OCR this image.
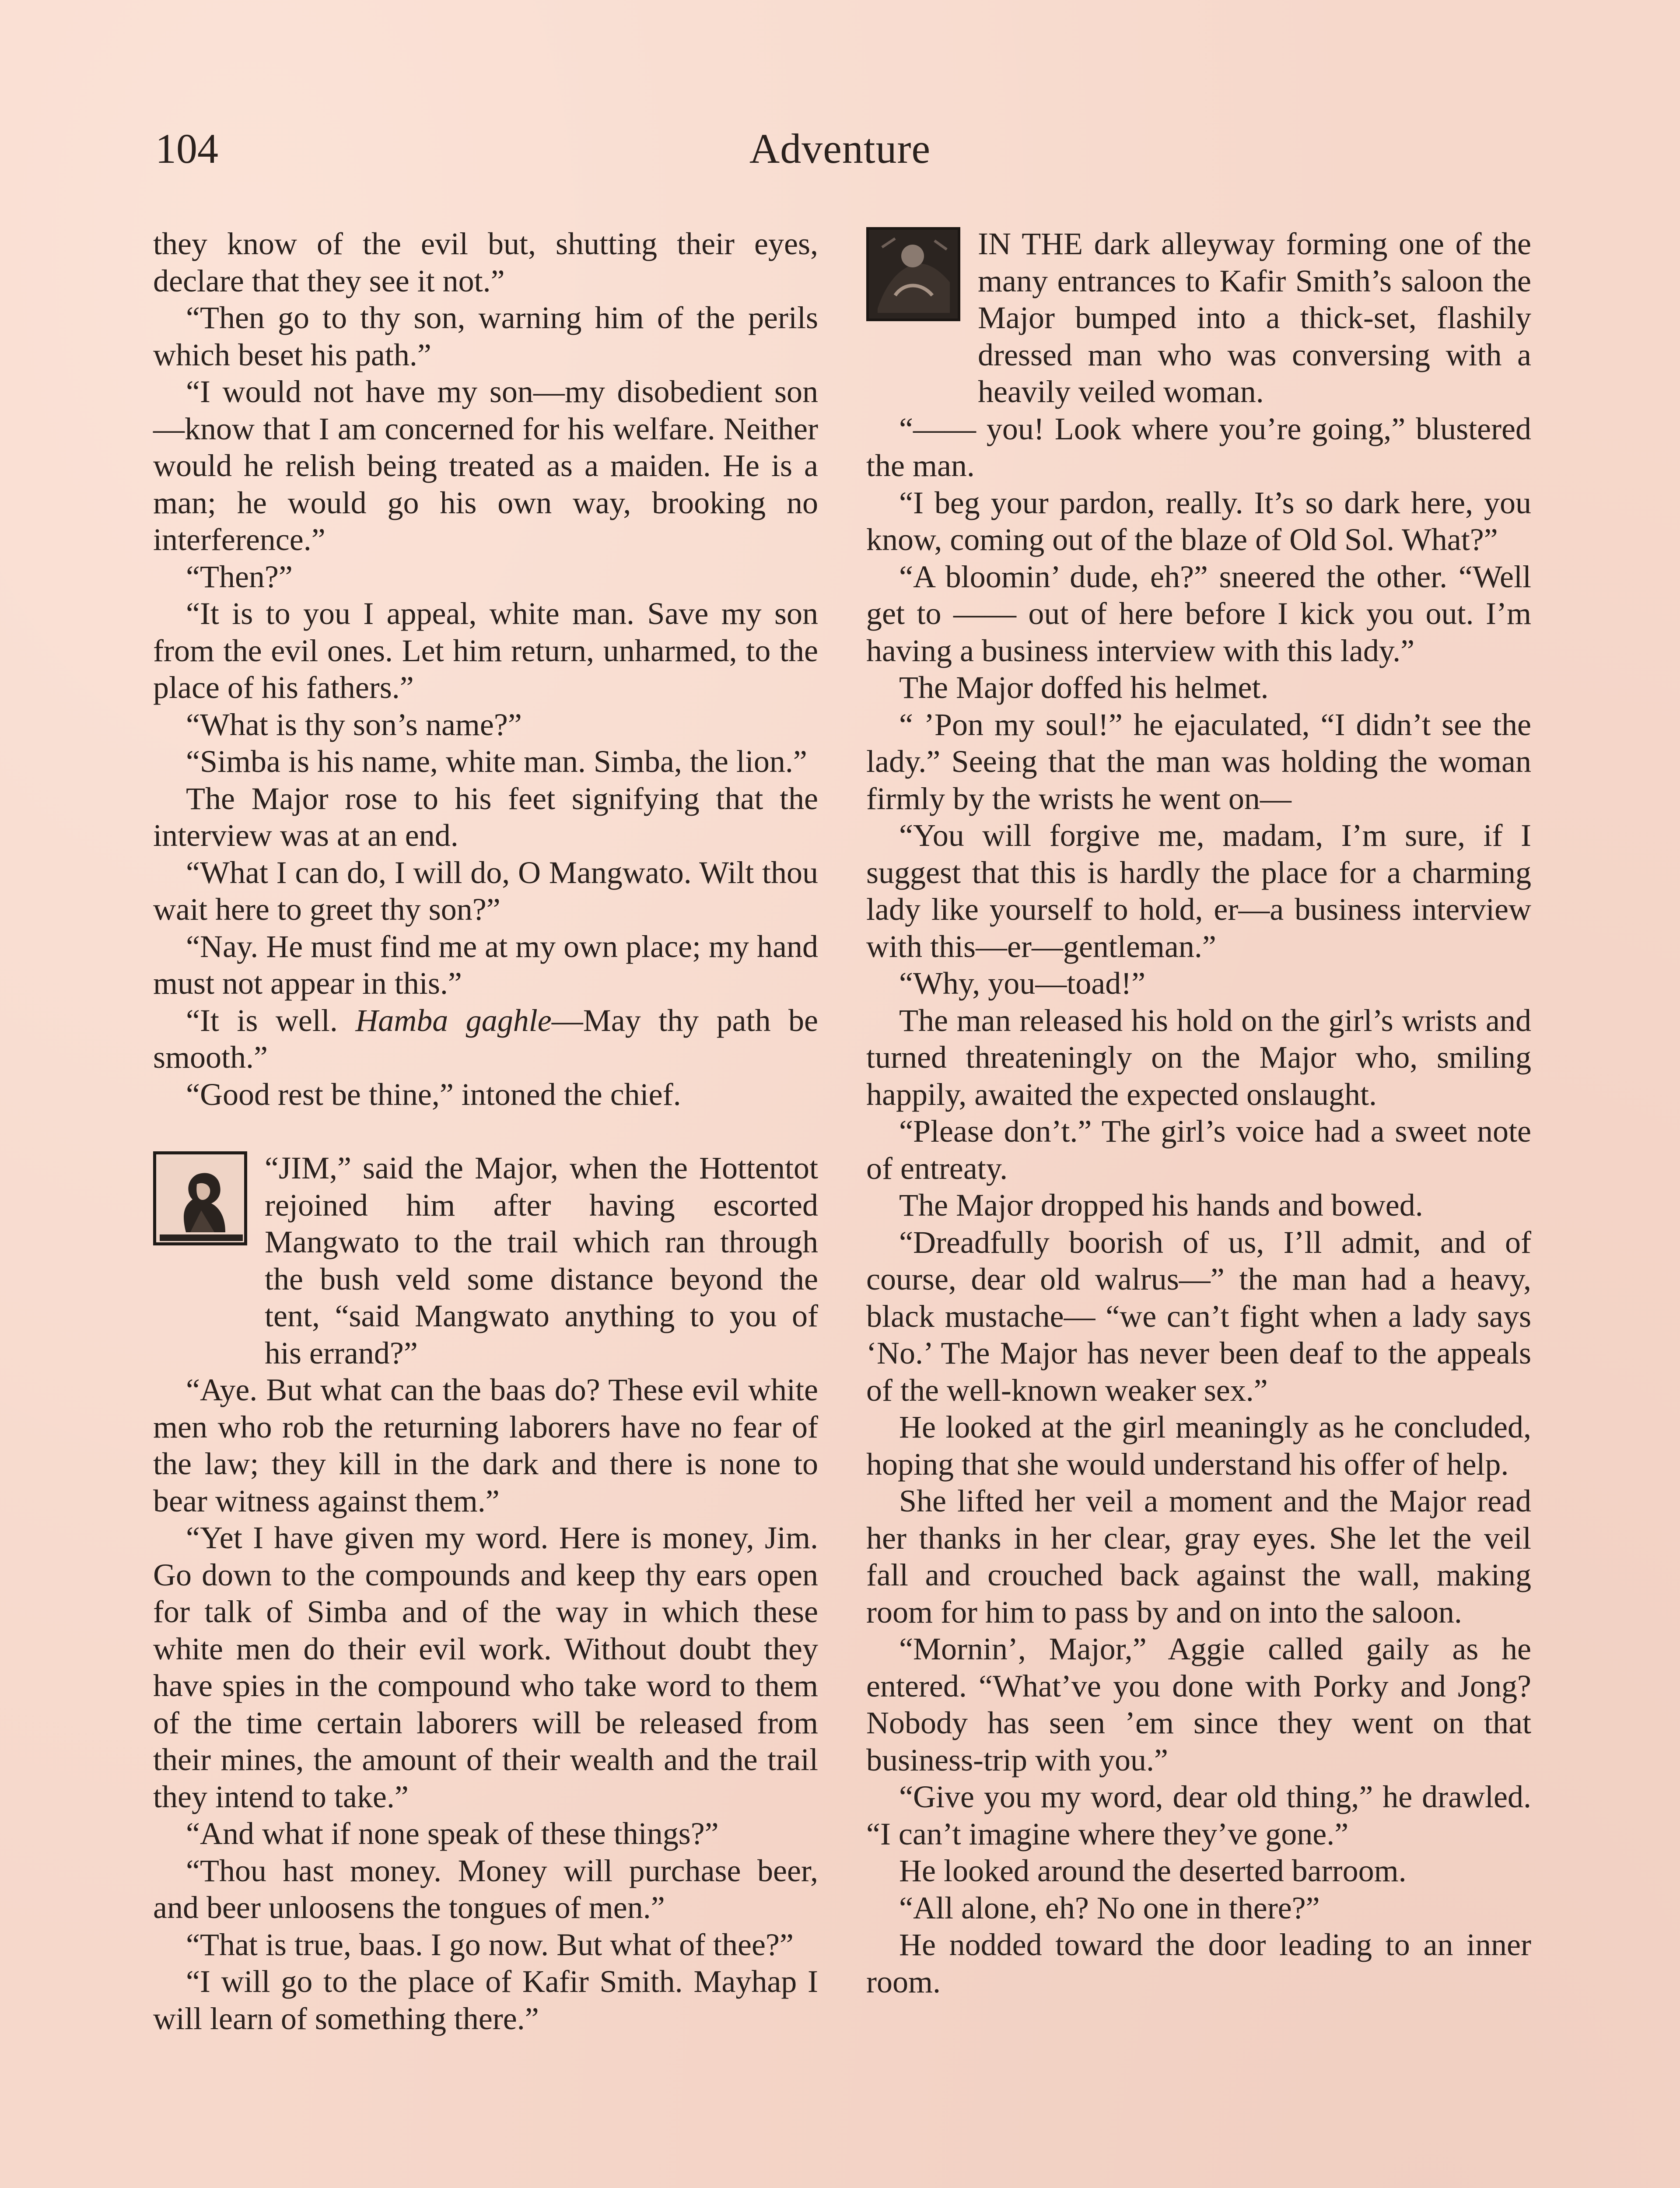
104	Adventure

they know of the evil but, shutting their eyes, declare that they see it not.”

“Then go to thy son, warning him of the perils which beset his path.”

“I would not have my son—my disobedient son—know that I am concerned for his welfare. Neither would he relish being treated as a maiden. He is a man; he would go his own way, brooking no interference.”

“Then?”

“It is to you I appeal, white man. Save my son from the evil ones. Let him return, unharmed, to the place of his fathers.”

“What is thy son’s name?”

“Simba is his name, white man. Simba, the lion.”

The Major rose to his feet signifying that the interview was at an end.

“What I can do, I will do, O Mangwato. Wilt thou wait here to greet thy son?”

“Nay. He must find me at my own place; my hand must not appear in this.”

“It is well. Hamba gaghle—May thy path be smooth.”

“Good rest be thine,” intoned the chief.

“JIM,” said the Major, when the Hottentot rejoined him after having escorted Mangwato to the trail which ran through the bush veld some distance beyond the tent, “said Mangwato anything to you of his errand?”

“Aye. But what can the baas do? These evil white men who rob the returning laborers have no fear of the law; they kill in the dark and there is none to bear witness against them.”

“Yet I have given my word. Here is money, Jim. Go down to the compounds and keep thy ears open for talk of Simba and of the way in which these white men do their evil work. Without doubt they have spies in the compound who take word to them of the time certain laborers will be released from their mines, the amount of their wealth and the trail they intend to take.”

“And what if none speak of these things?”

“Thou hast money. Money will purchase beer, and beer unloosens the tongues of men.”

“That is true, baas. I go now. But what of thee?”

“I will go to the place of Kafir Smith. Mayhap I will learn of something there.”

IN THE dark alleyway forming one of the many entrances to Kafir Smith’s saloon the Major bumped into a thick-set, flashily dressed man who was conversing with a heavily veiled woman.

“—— you! Look where you’re going,” blustered the man.

“I beg your pardon, really. It’s so dark here, you know, coming out of the blaze of Old Sol. What?”

“A bloomin’ dude, eh?” sneered the other. “Well get to —— out of here before I kick you out. I’m having a business interview with this lady.”

The Major doffed his helmet.

“ ’Pon my soul!” he ejaculated, “I didn’t see the lady.” Seeing that the man was holding the woman firmly by the wrists he went on—

“You will forgive me, madam, I’m sure, if I suggest that this is hardly the place for a charming lady like yourself to hold, er—a business interview with this—er—gentleman.”

“Why, you—toad!”

The man released his hold on the girl’s wrists and turned threateningly on the Major who, smiling happily, awaited the expected onslaught.

“Please don’t.” The girl’s voice had a sweet note of entreaty.

The Major dropped his hands and bowed.

“Dreadfully boorish of us, I’ll admit, and of course, dear old walrus—” the man had a heavy, black mustache— “we can’t fight when a lady says ‘No.’ The Major has never been deaf to the appeals of the well-known weaker sex.”

He looked at the girl meaningly as he concluded, hoping that she would understand his offer of help.

She lifted her veil a moment and the Major read her thanks in her clear, gray eyes. She let the veil fall and crouched back against the wall, making room for him to pass by and on into the saloon.

“Mornin’, Major,” Aggie called gaily as he entered. “What’ve you done with Porky and Jong? Nobody has seen ’em since they went on that business-trip with you.”

“Give you my word, dear old thing,” he drawled. “I can’t imagine where they’ve gone.”

He looked around the deserted barroom.

“All alone, eh? No one in there?”

He nodded toward the door leading to an inner room.
